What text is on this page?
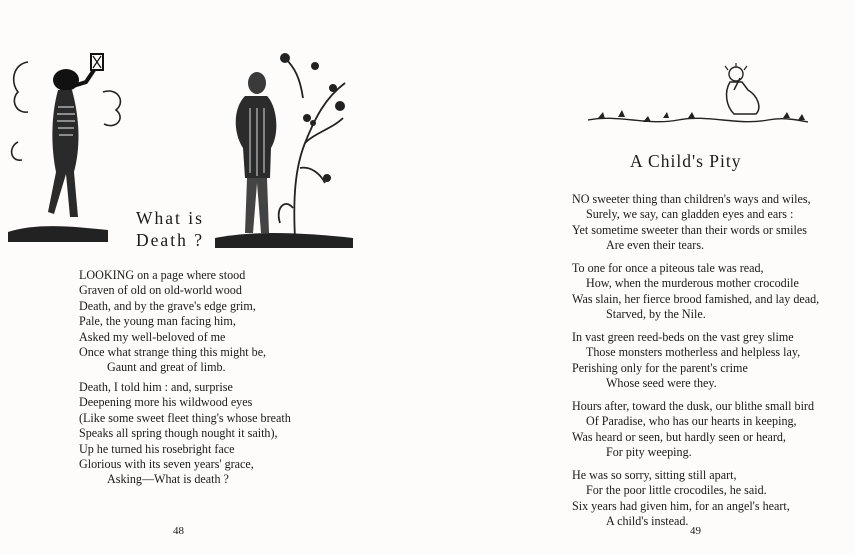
What is
Death ?
LOOKING on a page where stood
Graven of old on old-world wood
Death, and by the grave's edge grim,
Pale, the young man facing him,
Asked my well-beloved of me
Once what strange thing this might be,
Gaunt and great of limb.
Death, I told him : and, surprise
Deepening more his wildwood eyes
(Like some sweet fleet thing's whose breath
Speaks all spring though nought it saith),
Up he turned his rosebright face
Glorious with its seven years' grace,
Asking—What is death ?
48
A Child's Pity
NO sweeter thing than children's ways and wiles,
Surely, we say, can gladden eyes and ears :
Yet sometime sweeter than their words or smiles
Are even their tears.
To one for once a piteous tale was read,
How, when the murderous mother crocodile
Was slain, her fierce brood famished, and lay dead,
Starved, by the Nile.
In vast green reed-beds on the vast grey slime
Those monsters motherless and helpless lay,
Perishing only for the parent's crime
Whose seed were they.
Hours after, toward the dusk, our blithe small bird
Of Paradise, who has our hearts in keeping,
Was heard or seen, but hardly seen or heard,
For pity weeping.
He was so sorry, sitting still apart,
For the poor little crocodiles, he said.
Six years had given him, for an angel's heart,
A child's instead.
49
